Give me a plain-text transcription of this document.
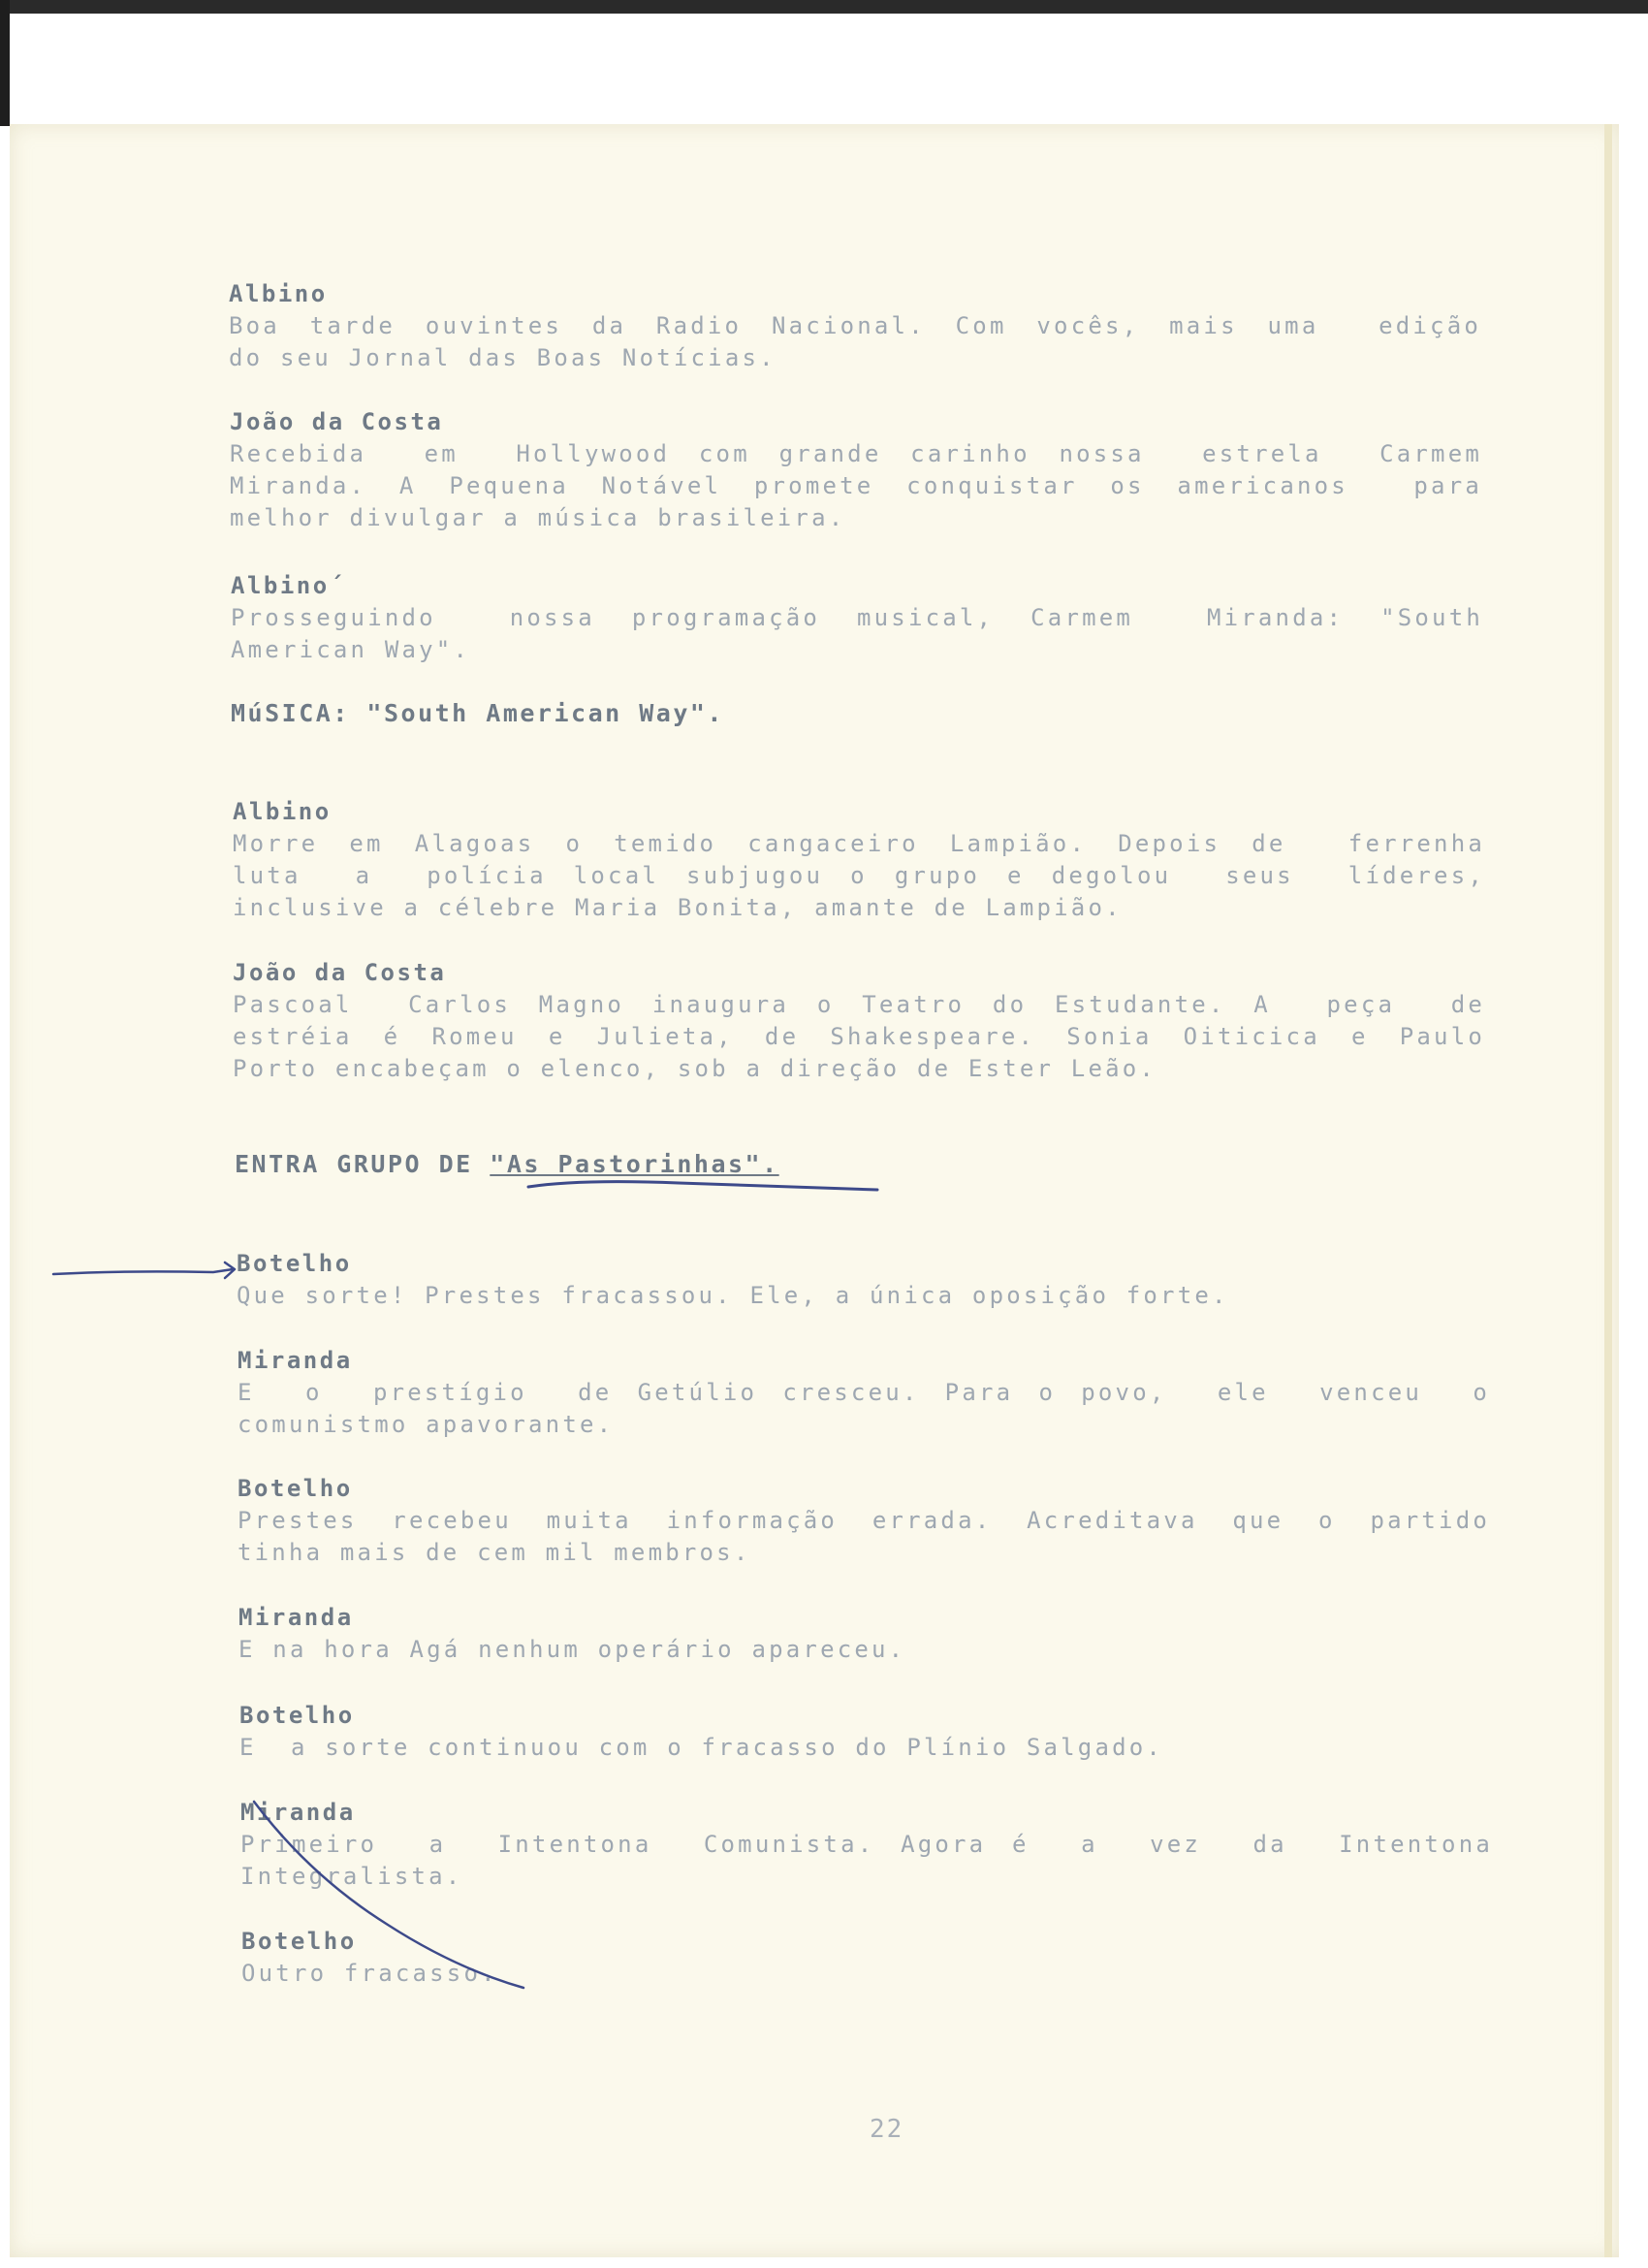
Albino
Boa tarde ouvintes da Radio Nacional. Com vocês, mais uma  edição
do seu Jornal das Boas Notícias.
João da Costa
Recebida  em  Hollywood com grande carinho nossa  estrela  Carmem
Miranda. A Pequena Notável promete conquistar os americanos  para
melhor divulgar a música brasileira.
Albino´
Prosseguindo  nossa programação musical, Carmem  Miranda: "South
American Way".
MúSICA: "South American Way".
Albino
Morre em Alagoas o temido cangaceiro Lampião. Depois de  ferrenha
luta  a  polícia local subjugou o grupo e degolou  seus  líderes,
inclusive a célebre Maria Bonita, amante de Lampião.
João da Costa
Pascoal  Carlos Magno inaugura o Teatro do Estudante. A  peça  de
estréia é Romeu e Julieta, de Shakespeare. Sonia Oiticica e Paulo
Porto encabeçam o elenco, sob a direção de Ester Leão.
ENTRA GRUPO DE "As Pastorinhas".
Botelho
Que sorte! Prestes fracassou. Ele, a única oposição forte.
Miranda
E  o  prestígio  de Getúlio cresceu. Para o povo,  ele  venceu  o
comunistmo apavorante.
Botelho
Prestes recebeu muita informação errada. Acreditava que o partido
tinha mais de cem mil membros.
Miranda
E na hora Agá nenhum operário apareceu.
Botelho
E  a sorte continuou com o fracasso do Plínio Salgado.
Miranda
Primeiro  a  Intentona  Comunista. Agora é  a  vez  da  Intentona
Integralista.
Botelho
Outro fracasso.
22
